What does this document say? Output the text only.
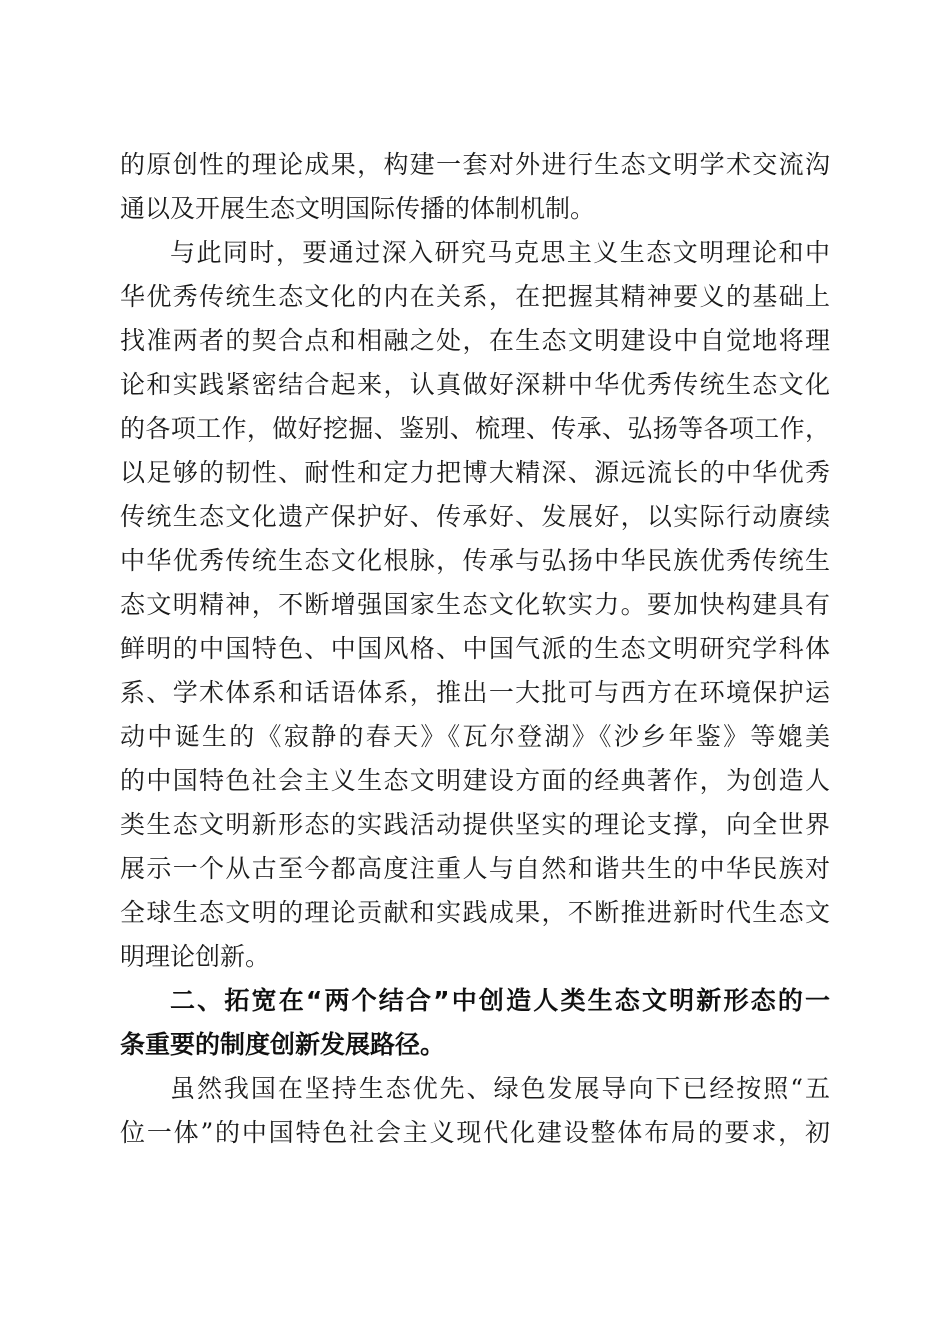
的原创性的理论成果，构建一套对外进行生态文明学术交流沟
通以及开展生态文明国际传播的体制机制。
与此同时，要通过深入研究马克思主义生态文明理论和中
华优秀传统生态文化的内在关系，在把握其精神要义的基础上
找准两者的契合点和相融之处，在生态文明建设中自觉地将理
论和实践紧密结合起来，认真做好深耕中华优秀传统生态文化
的各项工作，做好挖掘、鉴别、梳理、传承、弘扬等各项工作，
以足够的韧性、耐性和定力把博大精深、源远流长的中华优秀
传统生态文化遗产保护好、传承好、发展好，以实际行动赓续
中华优秀传统生态文化根脉，传承与弘扬中华民族优秀传统生
态文明精神，不断增强国家生态文化软实力。要加快构建具有
鲜明的中国特色、中国风格、中国气派的生态文明研究学科体
系、学术体系和话语体系，推出一大批可与西方在环境保护运
动中诞生的《寂静的春天》《瓦尔登湖》《沙乡年鉴》等媲美
的中国特色社会主义生态文明建设方面的经典著作，为创造人
类生态文明新形态的实践活动提供坚实的理论支撑，向全世界
展示一个从古至今都高度注重人与自然和谐共生的中华民族对
全球生态文明的理论贡献和实践成果，不断推进新时代生态文
明理论创新。
二、拓宽在“两个结合”中创造人类生态文明新形态的一
条重要的制度创新发展路径。
虽然我国在坚持生态优先、绿色发展导向下已经按照“五
位一体”的中国特色社会主义现代化建设整体布局的要求，初
